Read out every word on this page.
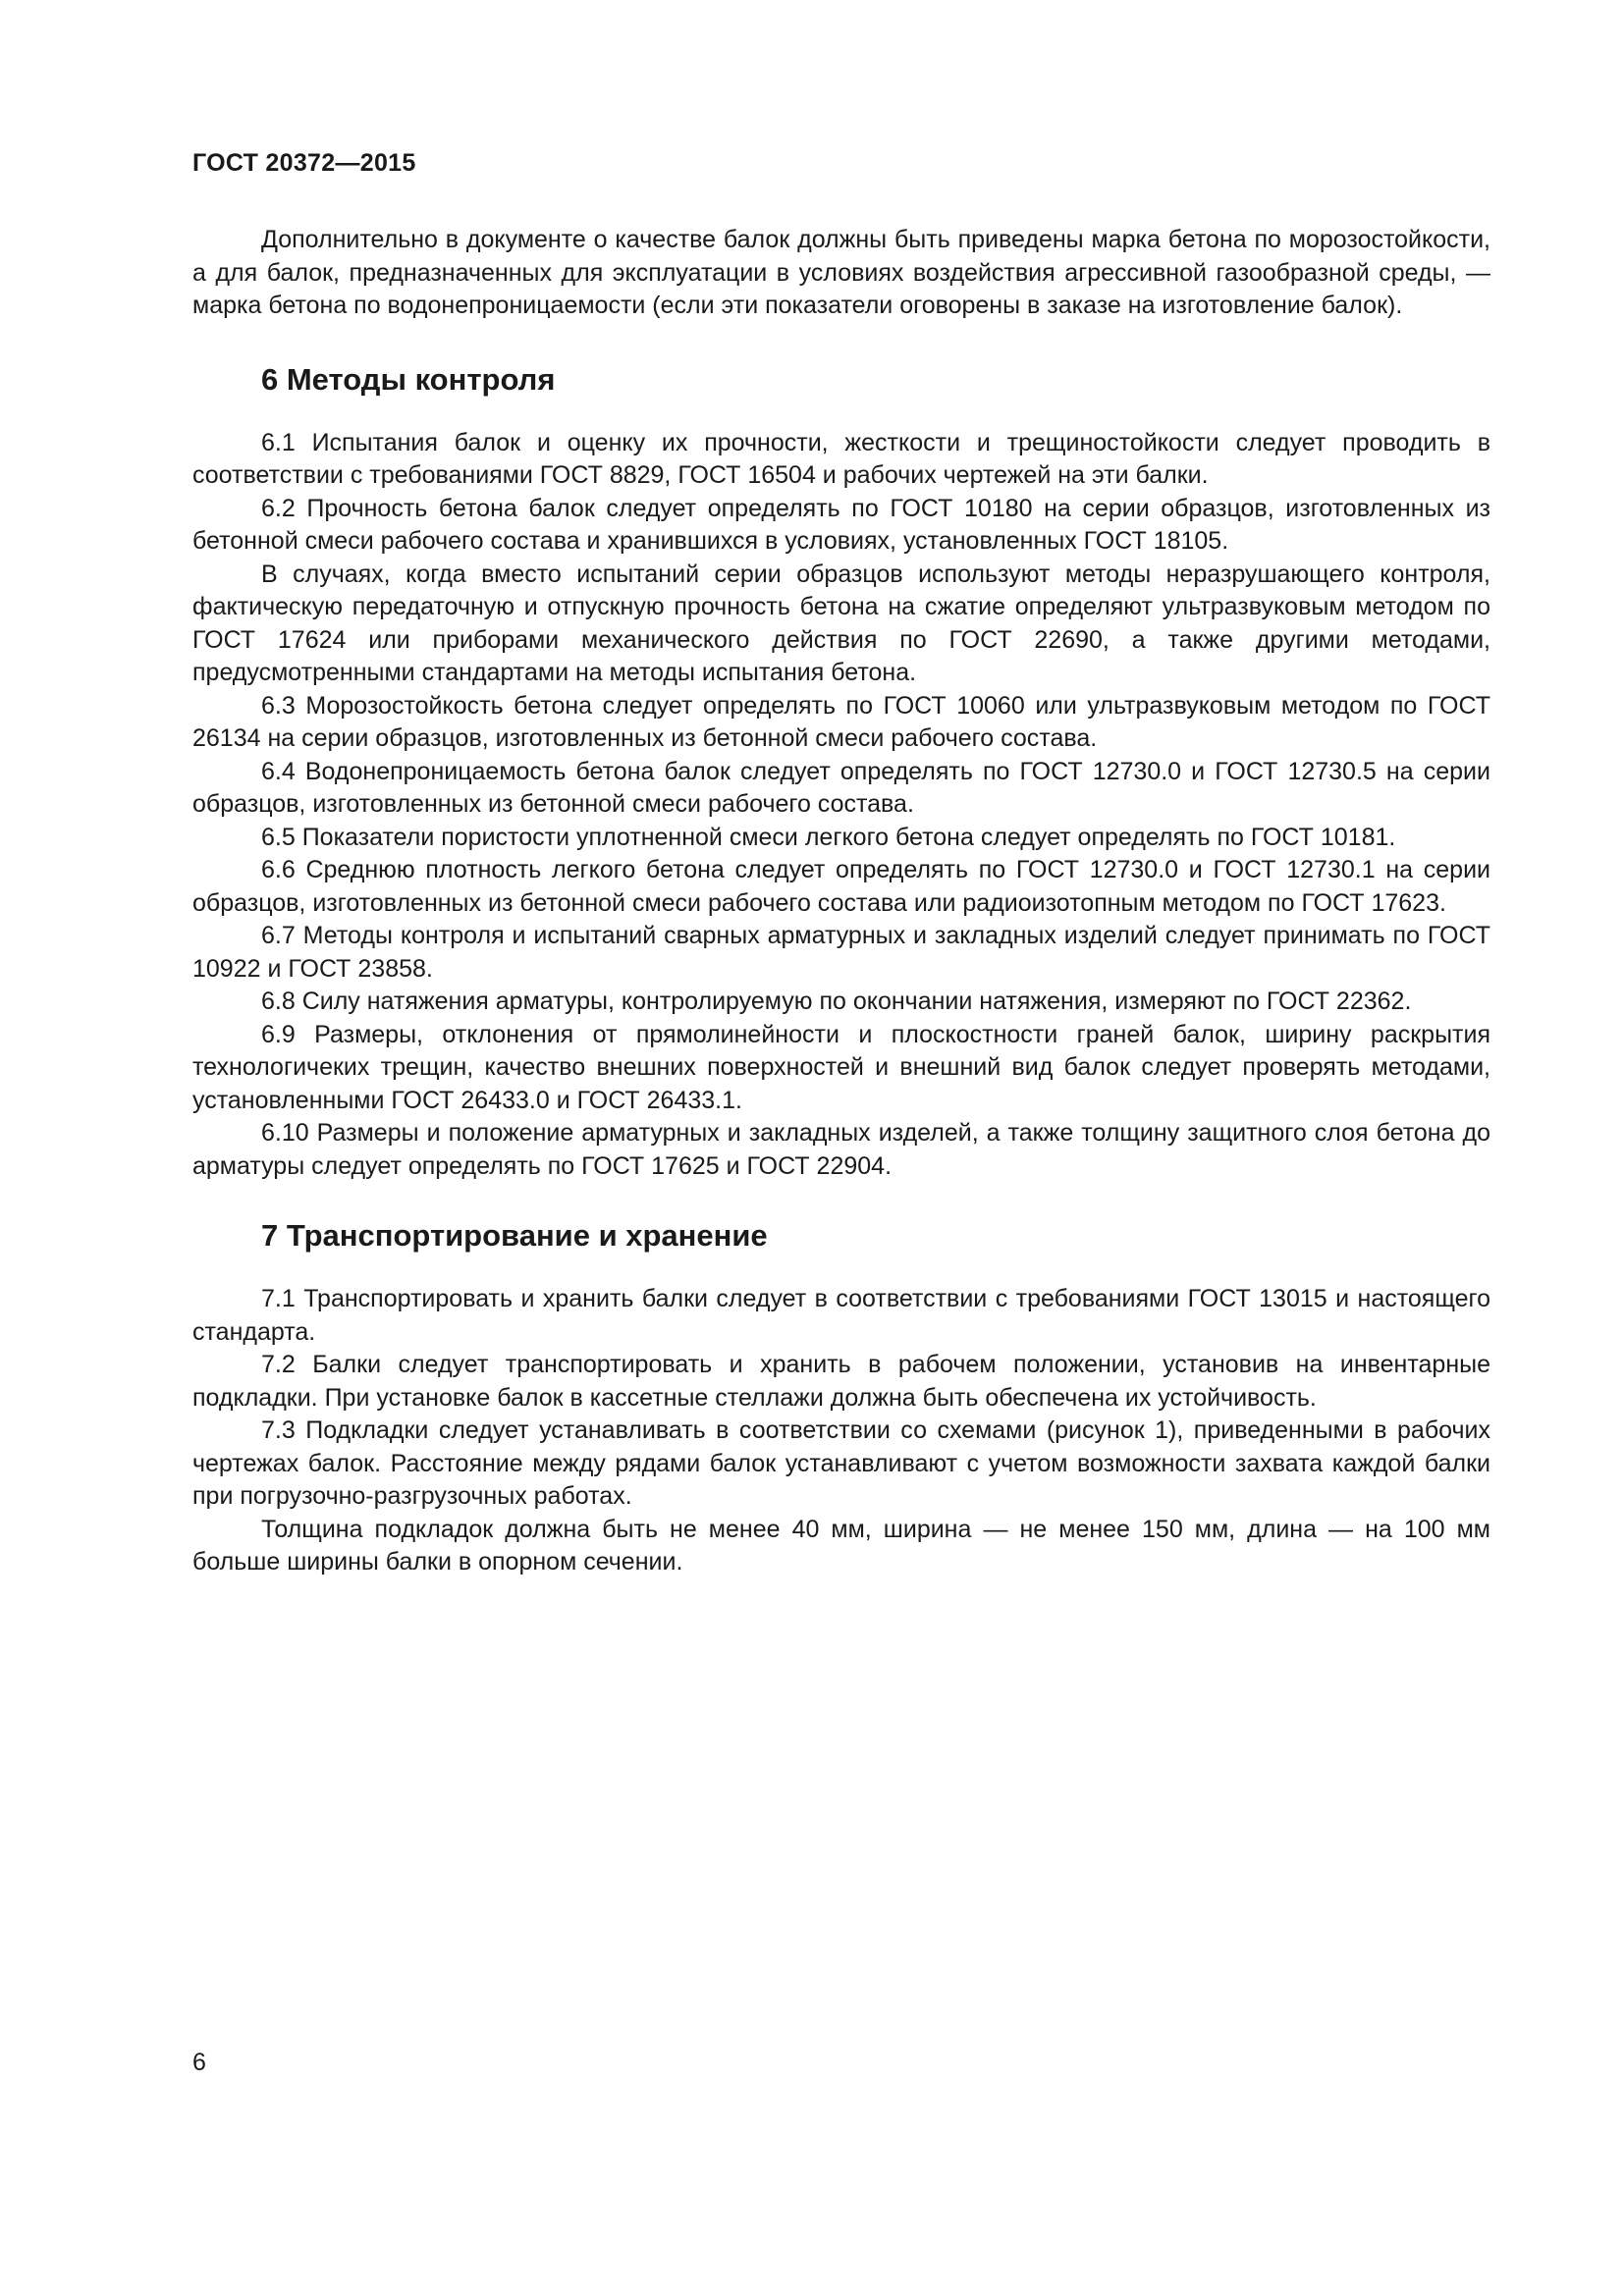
ГОСТ 20372—2015

Дополнительно в документе о качестве балок должны быть приведены марка бетона по морозостойкости, а для балок, предназначенных для эксплуатации в условиях воздействия агрессивной газообразной среды, — марка бетона по водонепроницаемости (если эти показатели оговорены в заказе на изготовление балок).

6 Методы контроля

6.1 Испытания балок и оценку их прочности, жесткости и трещиностойкости следует проводить в соответствии с требованиями ГОСТ 8829, ГОСТ 16504 и рабочих чертежей на эти балки.

6.2 Прочность бетона балок следует определять по ГОСТ 10180 на серии образцов, изготовленных из бетонной смеси рабочего состава и хранившихся в условиях, установленных ГОСТ 18105.

В случаях, когда вместо испытаний серии образцов используют методы неразрушающего контроля, фактическую передаточную и отпускную прочность бетона на сжатие определяют ультразвуковым методом по ГОСТ 17624 или приборами механического действия по ГОСТ 22690, а также другими методами, предусмотренными стандартами на методы испытания бетона.

6.3 Морозостойкость бетона следует определять по ГОСТ 10060 или ультразвуковым методом по ГОСТ 26134 на серии образцов, изготовленных из бетонной смеси рабочего состава.

6.4 Водонепроницаемость бетона балок следует определять по ГОСТ 12730.0 и ГОСТ 12730.5 на серии образцов, изготовленных из бетонной смеси рабочего состава.

6.5 Показатели пористости уплотненной смеси легкого бетона следует определять по ГОСТ 10181.

6.6 Среднюю плотность легкого бетона следует определять по ГОСТ 12730.0 и ГОСТ 12730.1 на серии образцов, изготовленных из бетонной смеси рабочего состава или радиоизотопным методом по ГОСТ 17623.

6.7 Методы контроля и испытаний сварных арматурных и закладных изделий следует принимать по ГОСТ 10922 и ГОСТ 23858.

6.8 Силу натяжения арматуры, контролируемую по окончании натяжения, измеряют по ГОСТ 22362.

6.9 Размеры, отклонения от прямолинейности и плоскостности граней балок, ширину раскрытия технологичеких трещин, качество внешних поверхностей и внешний вид балок следует проверять методами, установленными ГОСТ 26433.0 и ГОСТ 26433.1.

6.10 Размеры и положение арматурных и закладных изделей, а также толщину защитного слоя бетона до арматуры следует определять по ГОСТ 17625 и ГОСТ 22904.

7 Транспортирование и хранение

7.1 Транспортировать и хранить балки следует в соответствии с требованиями ГОСТ 13015 и настоящего стандарта.

7.2 Балки следует транспортировать и хранить в рабочем положении, установив на инвентарные подкладки. При установке балок в кассетные стеллажи должна быть обеспечена их устойчивость.

7.3 Подкладки следует устанавливать в соответствии со схемами (рисунок 1), приведенными в рабочих чертежах балок. Расстояние между рядами балок устанавливают с учетом возможности захвата каждой балки при погрузочно-разгрузочных работах.

Толщина подкладок должна быть не менее 40 мм, ширина — не менее 150 мм, длина — на 100 мм больше ширины балки в опорном сечении.

6
